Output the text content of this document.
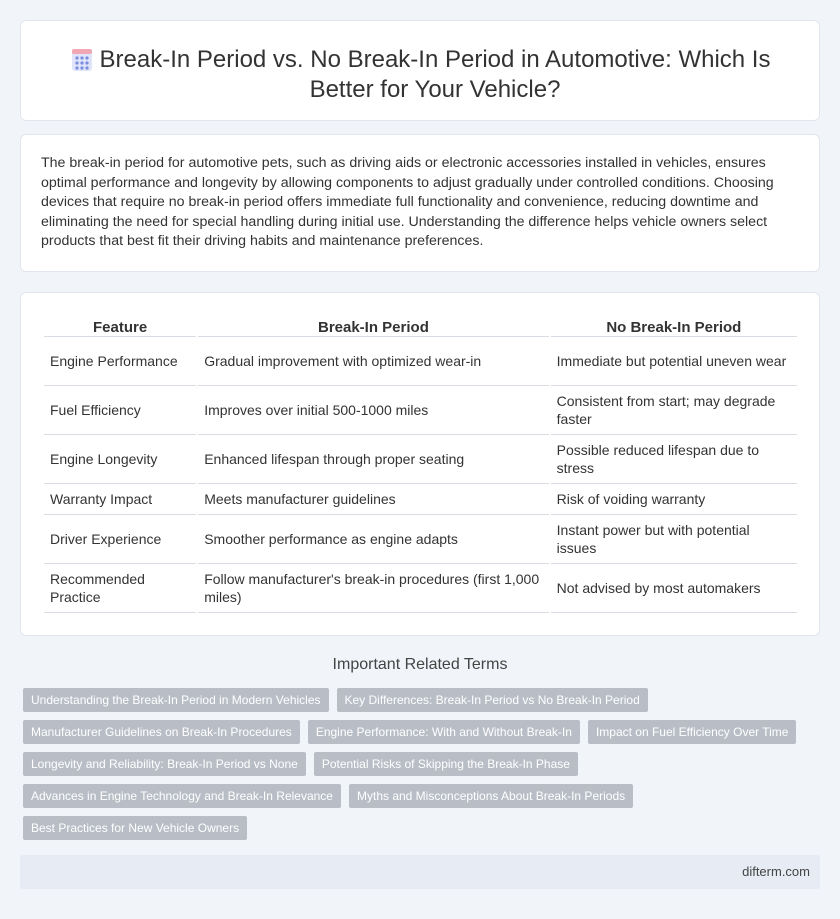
Break-In Period vs. No Break-In Period in Automotive: Which Is Better for Your Vehicle?

The break-in period for automotive pets, such as driving aids or electronic accessories installed in vehicles, ensures optimal performance and longevity by allowing components to adjust gradually under controlled conditions. Choosing devices that require no break-in period offers immediate full functionality and convenience, reducing downtime and eliminating the need for special handling during initial use. Understanding the difference helps vehicle owners select products that best fit their driving habits and maintenance preferences.

Feature	Break-In Period	No Break-In Period
Engine Performance	Gradual improvement with optimized wear-in	Immediate but potential uneven wear
Fuel Efficiency	Improves over initial 500-1000 miles	Consistent from start; may degrade faster
Engine Longevity	Enhanced lifespan through proper seating	Possible reduced lifespan due to stress
Warranty Impact	Meets manufacturer guidelines	Risk of voiding warranty
Driver Experience	Smoother performance as engine adapts	Instant power but with potential issues
Recommended Practice	Follow manufacturer's break-in procedures (first 1,000 miles)	Not advised by most automakers
Important Related Terms
Understanding the Break-In Period in Modern Vehicles	Key Differences: Break-In Period vs No Break-In Period
Manufacturer Guidelines on Break-In Procedures	Engine Performance: With and Without Break-In	Impact on Fuel Efficiency Over Time
Longevity and Reliability: Break-In Period vs None	Potential Risks of Skipping the Break-In Phase
Advances in Engine Technology and Break-In Relevance	Myths and Misconceptions About Break-In Periods
Best Practices for New Vehicle Owners
difterm.com
